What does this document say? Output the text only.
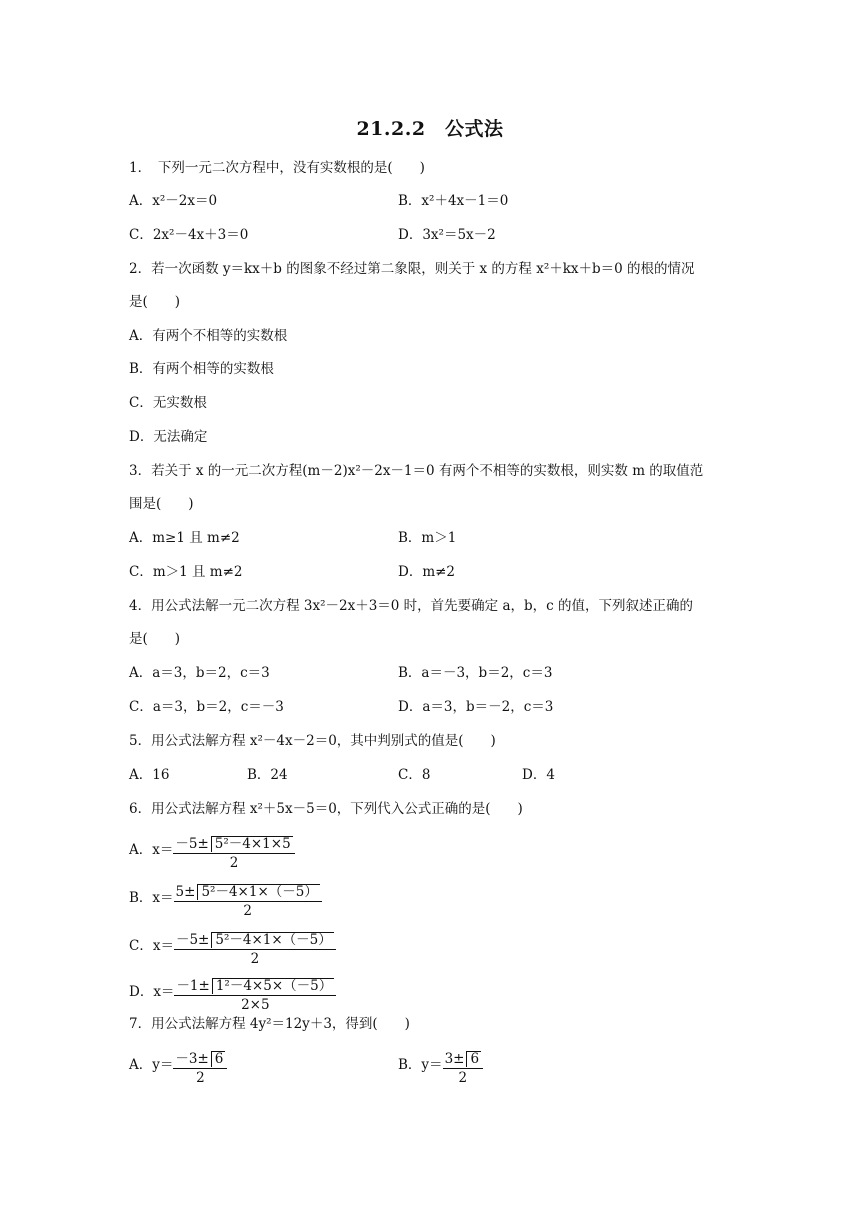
21.2.2　公式法
1．　下列一元二次方程中，没有实数根的是(　　)
A．x²－2x＝0	B．x²＋4x－1＝0
C．2x²－4x＋3＝0	D．3x²＝5x－2
2．若一次函数 y＝kx＋b 的图象不经过第二象限，则关于 x 的方程 x²＋kx＋b＝0 的根的情况
是(　　)
A．有两个不相等的实数根
B．有两个相等的实数根
C．无实数根
D．无法确定
3．若关于 x 的一元二次方程(m－2)x²－2x－1＝0 有两个不相等的实数根，则实数 m 的取值范
围是(　　)
A．m≥1 且 m≠2	B．m＞1
C．m＞1 且 m≠2	D．m≠2
4．用公式法解一元二次方程 3x²－2x＋3＝0 时，首先要确定 a，b，c 的值，下列叙述正确的
是(　　)
A．a＝3，b＝2，c＝3	B．a＝－3，b＝2，c＝3
C．a＝3，b＝2，c＝－3	D．a＝3，b＝－2，c＝3
5．用公式法解方程 x²－4x－2＝0，其中判别式的值是(　　)
A．16	B．24	C．8	D．4
6．用公式法解方程 x²＋5x－5＝0，下列代入公式正确的是(　　)
A．$x= \frac{\text{－5± 5²－4×1×5}}{2}$
B．$x= \frac{\text{5± 5²－4×1×（－5）}}{2}$
C．$x= \frac{\text{－5± 5²－4×1×（－5）}}{2}$
D．$x= \frac{\text{－1± 1²－4×5×（－5）}}{2\times 5}$
7．用公式法解方程 4y²＝12y＋3，得到(　　)
A．$y= \frac{-3\pm 6}{2}$	B．$y= \frac{3\pm 6}{2}$
